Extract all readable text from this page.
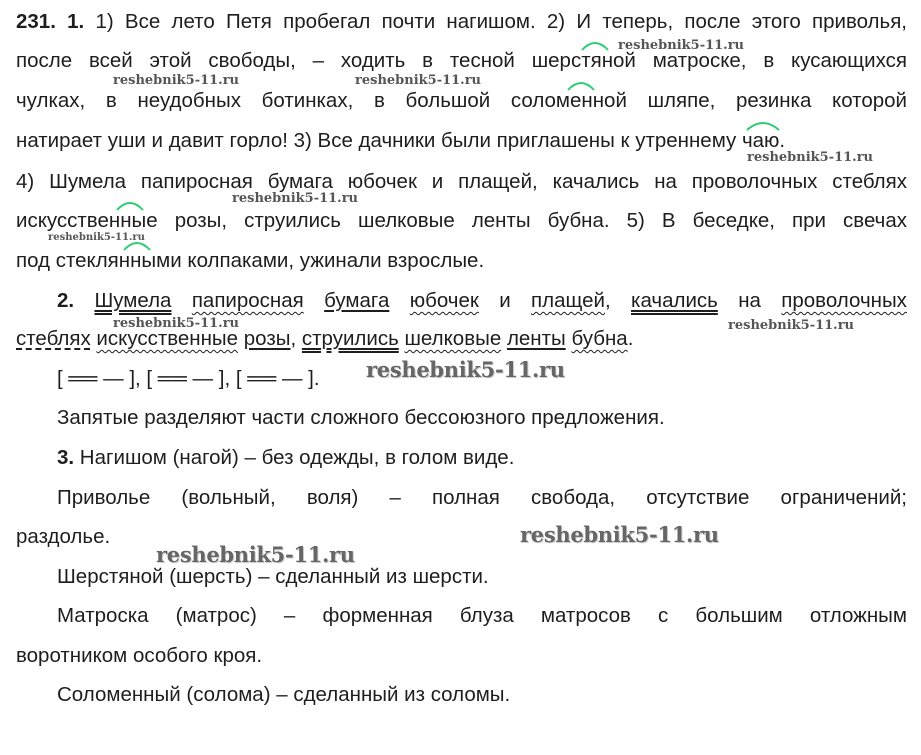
231. 1. 1) Все лето Петя пробегал почти нагишом. 2) И теперь, после этого приволья,
после всей этой свободы, – ходить в тесной шерстяной матроске, в кусающихся
чулках, в неудобных ботинках, в большой соломенной шляпе, резинка которой
натирает уши и давит горло! 3) Все дачники были приглашены к утреннему чаю.
4) Шумела папиросная бумага юбочек и плащей, качались на проволочных стеблях
искусственные розы, струились шелковые ленты бубна. 5) В беседке, при свечах
под стеклянными колпаками, ужинали взрослые.
2. Шумела папиросная бумага юбочек и плащей, качались на проволочных
стеблях искусственные розы, струились шелковые ленты бубна.
[ ══ — ], [ ══ — ], [ ══ — ].
Запятые разделяют части сложного бессоюзного предложения.
3. Нагишом (нагой) – без одежды, в голом виде.
Приволье (вольный, воля) – полная свобода, отсутствие ограничений;
раздолье.
Шерстяной (шерсть) – сделанный из шерсти.
Матроска (матрос) – форменная блуза матросов с большим отложным
воротником особого кроя.
Соломенный (солома) – сделанный из соломы.
reshebnik5-11.ru
reshebnik5-11.ru	reshebnik5-11.ru
reshebnik5-11.ru
reshebnik5-11.ru
reshebnik5-11.ru
reshebnik5-11.ru	reshebnik5-11.ru
reshebnik5-11.ru
reshebnik5-11.ru
reshebnik5-11.ru
